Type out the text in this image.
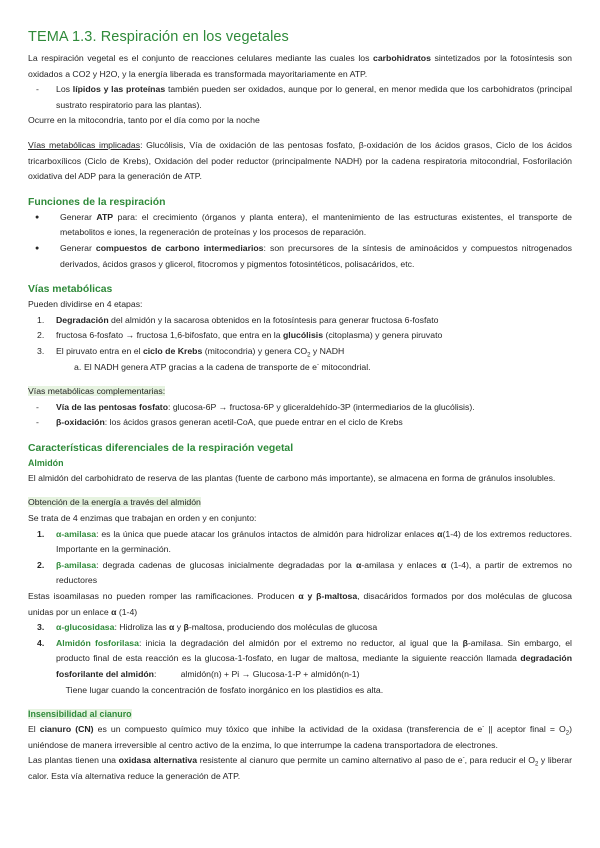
TEMA 1.3. Respiración en los vegetales

La respiración vegetal es el conjunto de reacciones celulares mediante las cuales los carbohidratos sintetizados por la fotosíntesis son oxidados a CO2 y H2O, y la energía liberada es transformada mayoritariamente en ATP.

- Los lípidos y las proteínas también pueden ser oxidados, aunque por lo general, en menor medida que los carbohidratos (principal sustrato respiratorio para las plantas).

Ocurre en la mitocondria, tanto por el día como por la noche

Vías metabólicas implicadas: Glucólisis, Vía de oxidación de las pentosas fosfato, β-oxidación de los ácidos grasos, Ciclo de los ácidos tricarboxílicos (Ciclo de Krebs), Oxidación del poder reductor (principalmente NADH) por la cadena respiratoria mitocondrial, Fosforilación oxidativa del ADP para la generación de ATP.

Funciones de la respiración
● Generar ATP para: el crecimiento (órganos y planta entera), el mantenimiento de las estructuras existentes, el transporte de metabolitos e iones, la regeneración de proteínas y los procesos de reparación.
● Generar compuestos de carbono intermediarios: son precursores de la síntesis de aminoácidos y compuestos nitrogenados derivados, ácidos grasos y glicerol, fitocromos y pigmentos fotosintéticos, polisacáridos, etc.
Vías metabólicas

Pueden dividirse en 4 etapas:

1. Degradación del almidón y la sacarosa obtenidos en la fotosíntesis para generar fructosa 6-fosfato
2. fructosa 6-fosfato → fructosa 1,6-bifosfato, que entra en la glucólisis (citoplasma) y genera piruvato
3. El piruvato entra en el ciclo de Krebs (mitocondria) y genera $CO_2$ y NADH

a. El NADH genera ATP gracias a la cadena de transporte de e- mitocondrial.

Vías metabólicas complementarias:

- Vía de las pentosas fosfato: glucosa-6P → fructosa-6P y gliceraldehído-3P (intermediarios de la glucólisis).
- β-oxidación: los ácidos grasos generan acetil-CoA, que puede entrar en el ciclo de Krebs
Características diferenciales de la respiración vegetal
Almidón

El almidón del carbohidrato de reserva de las plantas (fuente de carbono más importante), se almacena en forma de gránulos insolubles.

Obtención de la energía a través del almidón

Se trata de 4 enzimas que trabajan en orden y en conjunto:

1. α-amilasa: es la única que puede atacar los gránulos intactos de almidón para hidrolizar enlaces α(1-4) de los extremos reductores. Importante en la germinación.
2. β-amilasa: degrada cadenas de glucosas inicialmente degradadas por la α-amilasa y enlaces α (1-4), a partir de extremos no reductores

Estas isoamilasas no pueden romper las ramificaciones. Producen α y β-maltosa, disacáridos formados por dos moléculas de glucosa unidas por un enlace α (1-4)

3. α-glucosidasa: Hidroliza las α y β-maltosa, produciendo dos moléculas de glucosa
4. Almidón fosforilasa: inicia la degradación del almidón por el extremo no reductor, al igual que la β-amilasa. Sin embargo, el producto final de esta reacción es la glucosa-1-fosfato, en lugar de maltosa, mediante la siguiente reacción llamada degradación fosforilante del almidón:	almidón(n) + Pi → Glucosa-1-P + almidón(n-1)
Tiene lugar cuando la concentración de fosfato inorgánico en los plastidios es alta.
Insensibilidad al cianuro

El cianuro (CN) es un compuesto químico muy tóxico que inhibe la actividad de la oxidasa (transferencia de e- || aceptor final = $O_2$) uniéndose de manera irreversible al centro activo de la enzima, lo que interrumpe la cadena transportadora de electrones.

Las plantas tienen una oxidasa alternativa resistente al cianuro que permite un camino alternativo al paso de e-, para reducir el $O_2$ y liberar calor. Esta vía alternativa reduce la generación de ATP.
